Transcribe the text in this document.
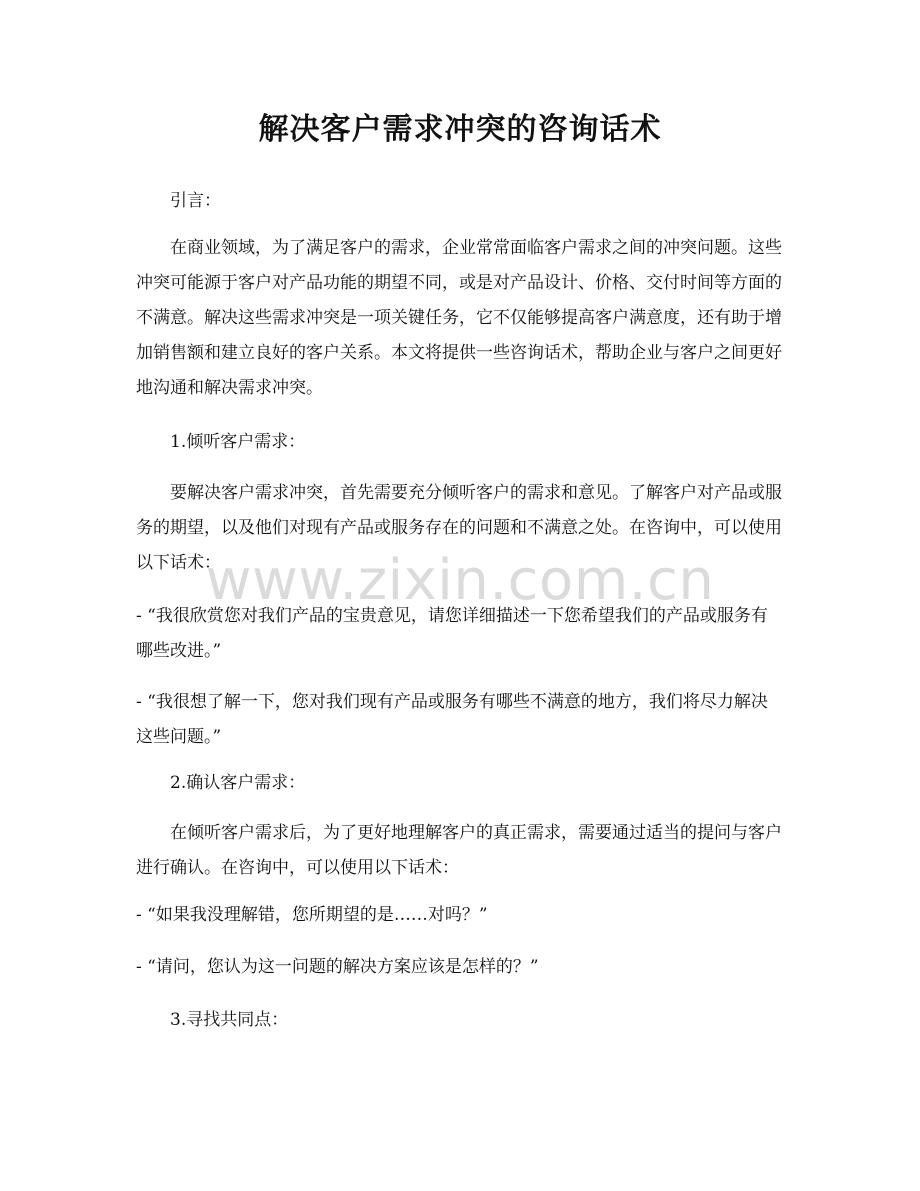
解决客户需求冲突的咨询话术

引言：

在商业领域，为了满足客户的需求，企业常常面临客户需求之间的冲突问题。这些冲突可能源于客户对产品功能的期望不同，或是对产品设计、价格、交付时间等方面的不满意。解决这些需求冲突是一项关键任务，它不仅能够提高客户满意度，还有助于增加销售额和建立良好的客户关系。本文将提供一些咨询话术，帮助企业与客户之间更好地沟通和解决需求冲突。

1.倾听客户需求：

要解决客户需求冲突，首先需要充分倾听客户的需求和意见。了解客户对产品或服务的期望，以及他们对现有产品或服务存在的问题和不满意之处。在咨询中，可以使用以下话术：

- “我很欣赏您对我们产品的宝贵意见，请您详细描述一下您希望我们的产品或服务有哪些改进。”

- “我很想了解一下，您对我们现有产品或服务有哪些不满意的地方，我们将尽力解决这些问题。”

2.确认客户需求：

在倾听客户需求后，为了更好地理解客户的真正需求，需要通过适当的提问与客户进行确认。在咨询中，可以使用以下话术：

- “如果我没理解错，您所期望的是……对吗？”

- “请问，您认为这一问题的解决方案应该是怎样的？”

3.寻找共同点：

www.zixin.com.cn
